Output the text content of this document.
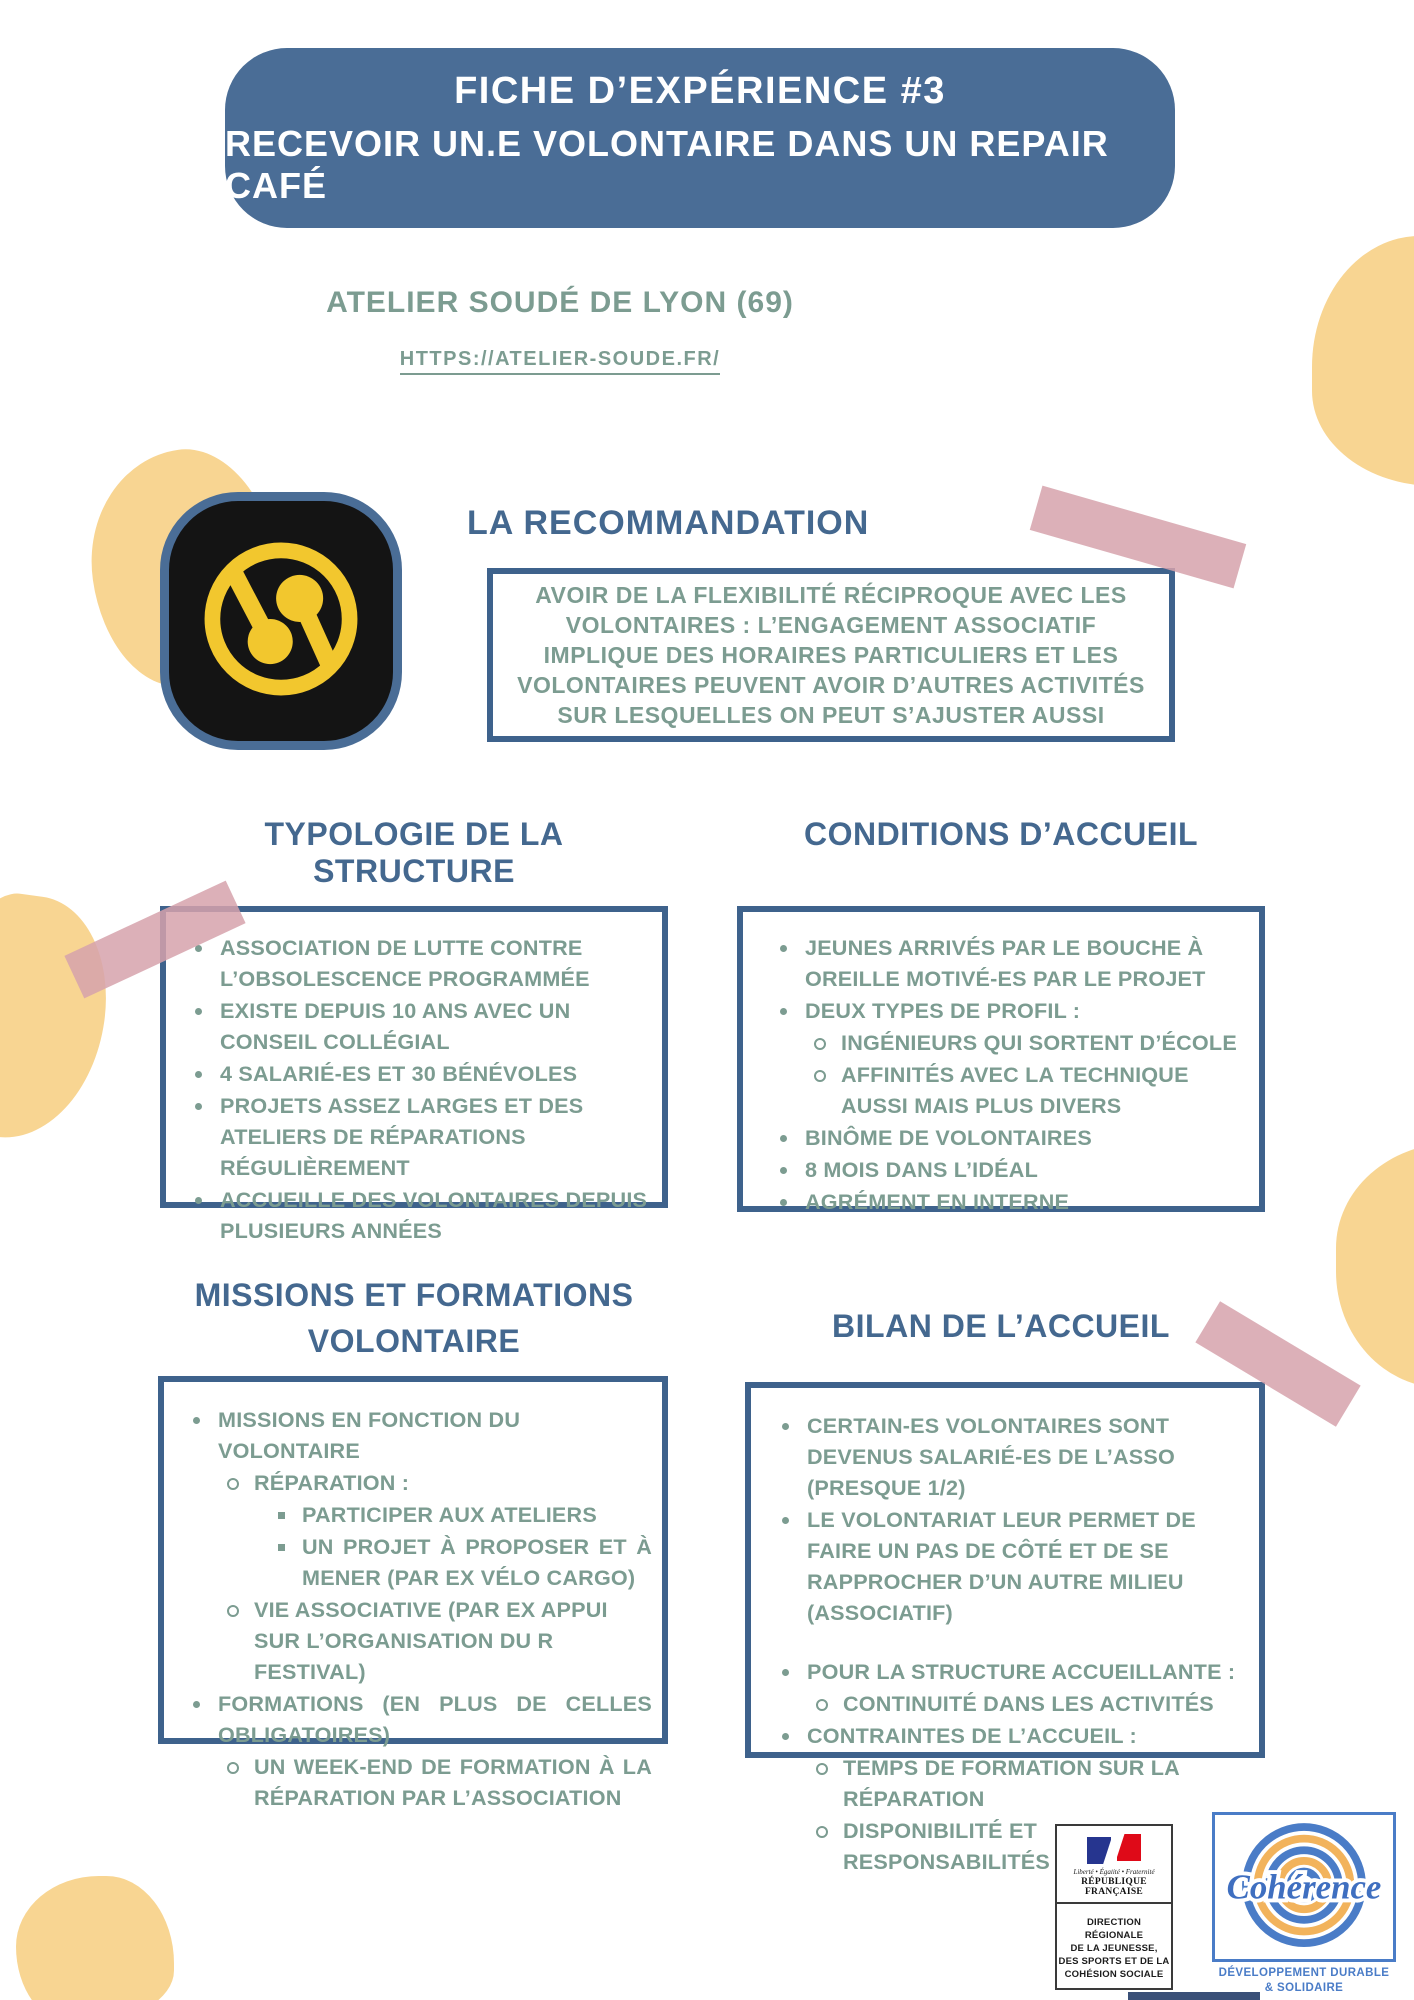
FICHE D’EXPÉRIENCE #3
RECEVOIR UN.E VOLONTAIRE DANS UN REPAIR CAFÉ
ATELIER SOUDÉ DE LYON (69)

HTTPS://ATELIER-SOUDE.FR/
LA RECOMMANDATION
AVOIR DE LA FLEXIBILITÉ RÉCIPROQUE AVEC LES
VOLONTAIRES : L’ENGAGEMENT ASSOCIATIF
IMPLIQUE DES HORAIRES PARTICULIERS ET LES
VOLONTAIRES PEUVENT AVOIR D’AUTRES ACTIVITÉS
SUR LESQUELLES ON PEUT S’AJUSTER AUSSI
TYPOLOGIE DE LA STRUCTURE
CONDITIONS D’ACCUEIL
ASSOCIATION DE LUTTE CONTRE L’OBSOLESCENCE PROGRAMMÉE
EXISTE DEPUIS 10 ANS AVEC UN CONSEIL COLLÉGIAL
4 SALARIÉ-ES ET 30 BÉNÉVOLES
PROJETS ASSEZ LARGES ET DES ATELIERS DE RÉPARATIONS RÉGULIÈREMENT
ACCUEILLE DES VOLONTAIRES DEPUIS PLUSIEURS ANNÉES
JEUNES ARRIVÉS PAR LE BOUCHE À OREILLE MOTIVÉ-ES PAR LE PROJET
DEUX TYPES DE PROFIL :
INGÉNIEURS QUI SORTENT D’ÉCOLE
AFFINITÉS AVEC LA TECHNIQUE AUSSI MAIS PLUS DIVERS
BINÔME DE VOLONTAIRES
8 MOIS DANS L’IDÉAL
AGRÉMENT EN INTERNE
MISSIONS ET FORMATIONS
VOLONTAIRE	BILAN DE L’ACCUEIL
MISSIONS EN FONCTION DU VOLONTAIRE
RÉPARATION :
PARTICIPER AUX ATELIERS
UN PROJET À PROPOSER ET À MENER (PAR EX VÉLO CARGO)
VIE ASSOCIATIVE (PAR EX APPUI SUR L’ORGANISATION DU R FESTIVAL)
FORMATIONS (EN PLUS DE CELLES OBLIGATOIRES)
UN WEEK-END DE FORMATION À LA RÉPARATION PAR L’ASSOCIATION
CERTAIN-ES VOLONTAIRES SONT DEVENUS SALARIÉ-ES DE L’ASSO (PRESQUE 1/2)
LE VOLONTARIAT LEUR PERMET DE FAIRE UN PAS DE CÔTÉ ET DE SE RAPPROCHER D’UN AUTRE MILIEU (ASSOCIATIF)
POUR LA STRUCTURE ACCUEILLANTE :
CONTINUITÉ DANS LES ACTIVITÉS
CONTRAINTES DE L’ACCUEIL :
TEMPS DE FORMATION SUR LA RÉPARATION
DISPONIBILITÉ ET RESPONSABILITÉS	Liberté • Égalité • Fraternité
RÉPUBLIQUE FRANÇAISE
DIRECTION RÉGIONALE
DE LA JEUNESSE,
DES SPORTS ET DE LA
COHÉSION SOCIALE
Cohérence
DÉVELOPPEMENT DURABLE
& SOLIDAIRE
